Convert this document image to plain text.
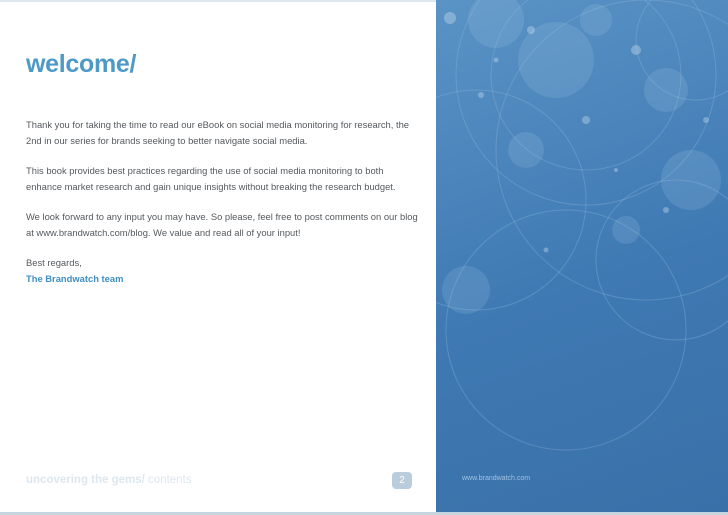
welcome/

Thank you for taking the time to read our eBook on social media monitoring for research, the 2nd in our series for brands seeking to better navigate social media.

This book provides best practices regarding the use of social media monitoring to both enhance market research and gain unique insights without breaking the research budget.

We look forward to any input you may have. So please, feel free to post comments on our blog at www.brandwatch.com/blog. We value and read all of your input!

Best regards,
The Brandwatch team

uncovering the gems/ contents	2	www.brandwatch.com
